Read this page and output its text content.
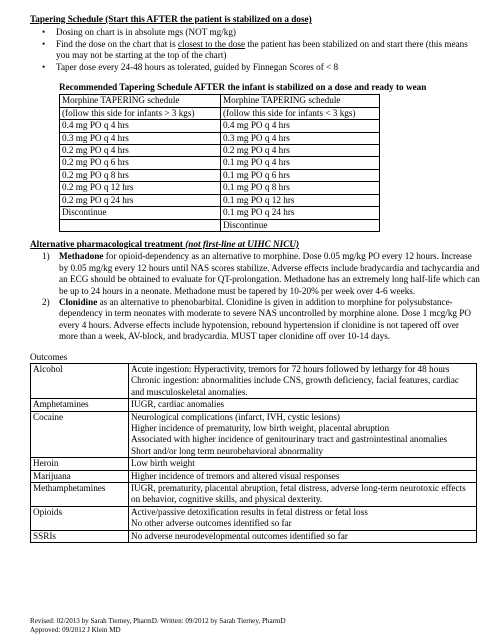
Tapering Schedule (Start this AFTER the patient is stabilized on a dose)
• Dosing on chart is in absolute mgs (NOT mg/kg)
• Find the dose on the chart that is closest to the dose the patient has been stabilized on and start there (this means you may not be starting at the top of the chart)
• Taper dose every 24-48 hours as tolerated, guided by Finnegan Scores of < 8
Recommended Tapering Schedule AFTER the infant is stabilized on a dose and ready to wean
Morphine TAPERING schedule	Morphine TAPERING schedule
(follow this side for infants > 3 kgs)	(follow this side for infants < 3 kgs)
0.4 mg PO q 4 hrs	0.4 mg PO q 4 hrs
0.3 mg PO q 4 hrs	0.3 mg PO q 4 hrs
0.2 mg PO q 4 hrs	0.2 mg PO q 4 hrs
0.2 mg PO q 6 hrs	0.1 mg PO q 4 hrs
0.2 mg PO q 8 hrs	0.1 mg PO q 6 hrs
0.2 mg PO q 12 hrs	0.1 mg PO q 8 hrs
0.2 mg PO q 24 hrs	0.1 mg PO q 12 hrs
Discontinue	0.1 mg PO q 24 hrs
	Discontinue
Alternative pharmacological treatment (not first-line at UIHC NICU)
1) Methadone for opioid-dependency as an alternative to morphine. Dose 0.05 mg/kg PO every 12 hours. Increase by 0.05 mg/kg every 12 hours until NAS scores stabilize. Adverse effects include bradycardia and tachycardia and an ECG should be obtained to evaluate for QT-prolongation. Methadone has an extremely long half-life which can be up to 24 hours in a neonate. Methadone must be tapered by 10-20% per week over 4-6 weeks.
2) Clonidine as an alternative to phenobarbital. Clonidine is given in addition to morphine for polysubstance-dependency in term neonates with moderate to severe NAS uncontrolled by morphine alone. Dose 1 mcg/kg PO every 4 hours. Adverse effects include hypotension, rebound hypertension if clonidine is not tapered off over more than a week, AV-block, and bradycardia. MUST taper clonidine off over 10-14 days.
Outcomes
Alcohol	Acute ingestion: Hyperactivity, tremors for 72 hours followed by lethargy for 48 hours
Chronic ingestion: abnormalities include CNS, growth deficiency, facial features, cardiac and musculoskeletal anomalies.

Amphetamines	IUGR, cardiac anomalies

Cocaine	Neurological complications (infarct, IVH, cystic lesions)
Higher incidence of prematurity, low birth weight, placental abruption
Associated with higher incidence of genitourinary tract and gastrointestinal anomalies
Short and/or long term neurobehavioral abnormality

Heroin	Low birth weight

Marijuana	Higher incidence of tremors and altered visual responses

Methamphetamines	IUGR, prematurity, placental abruption, fetal distress, adverse long-term neurotoxic effects on behavior, cognitive skills, and physical dexterity.

Opioids	Active/passive detoxification results in fetal distress or fetal loss
No other adverse outcomes identified so far

SSRIs	No adverse neurodevelopmental outcomes identified so far
Revised: 02/2013 by Sarah Tierney, PharmD. Written: 09/2012 by Sarah Tierney, PharmD
Approved: 09/2012 J Klein MD
